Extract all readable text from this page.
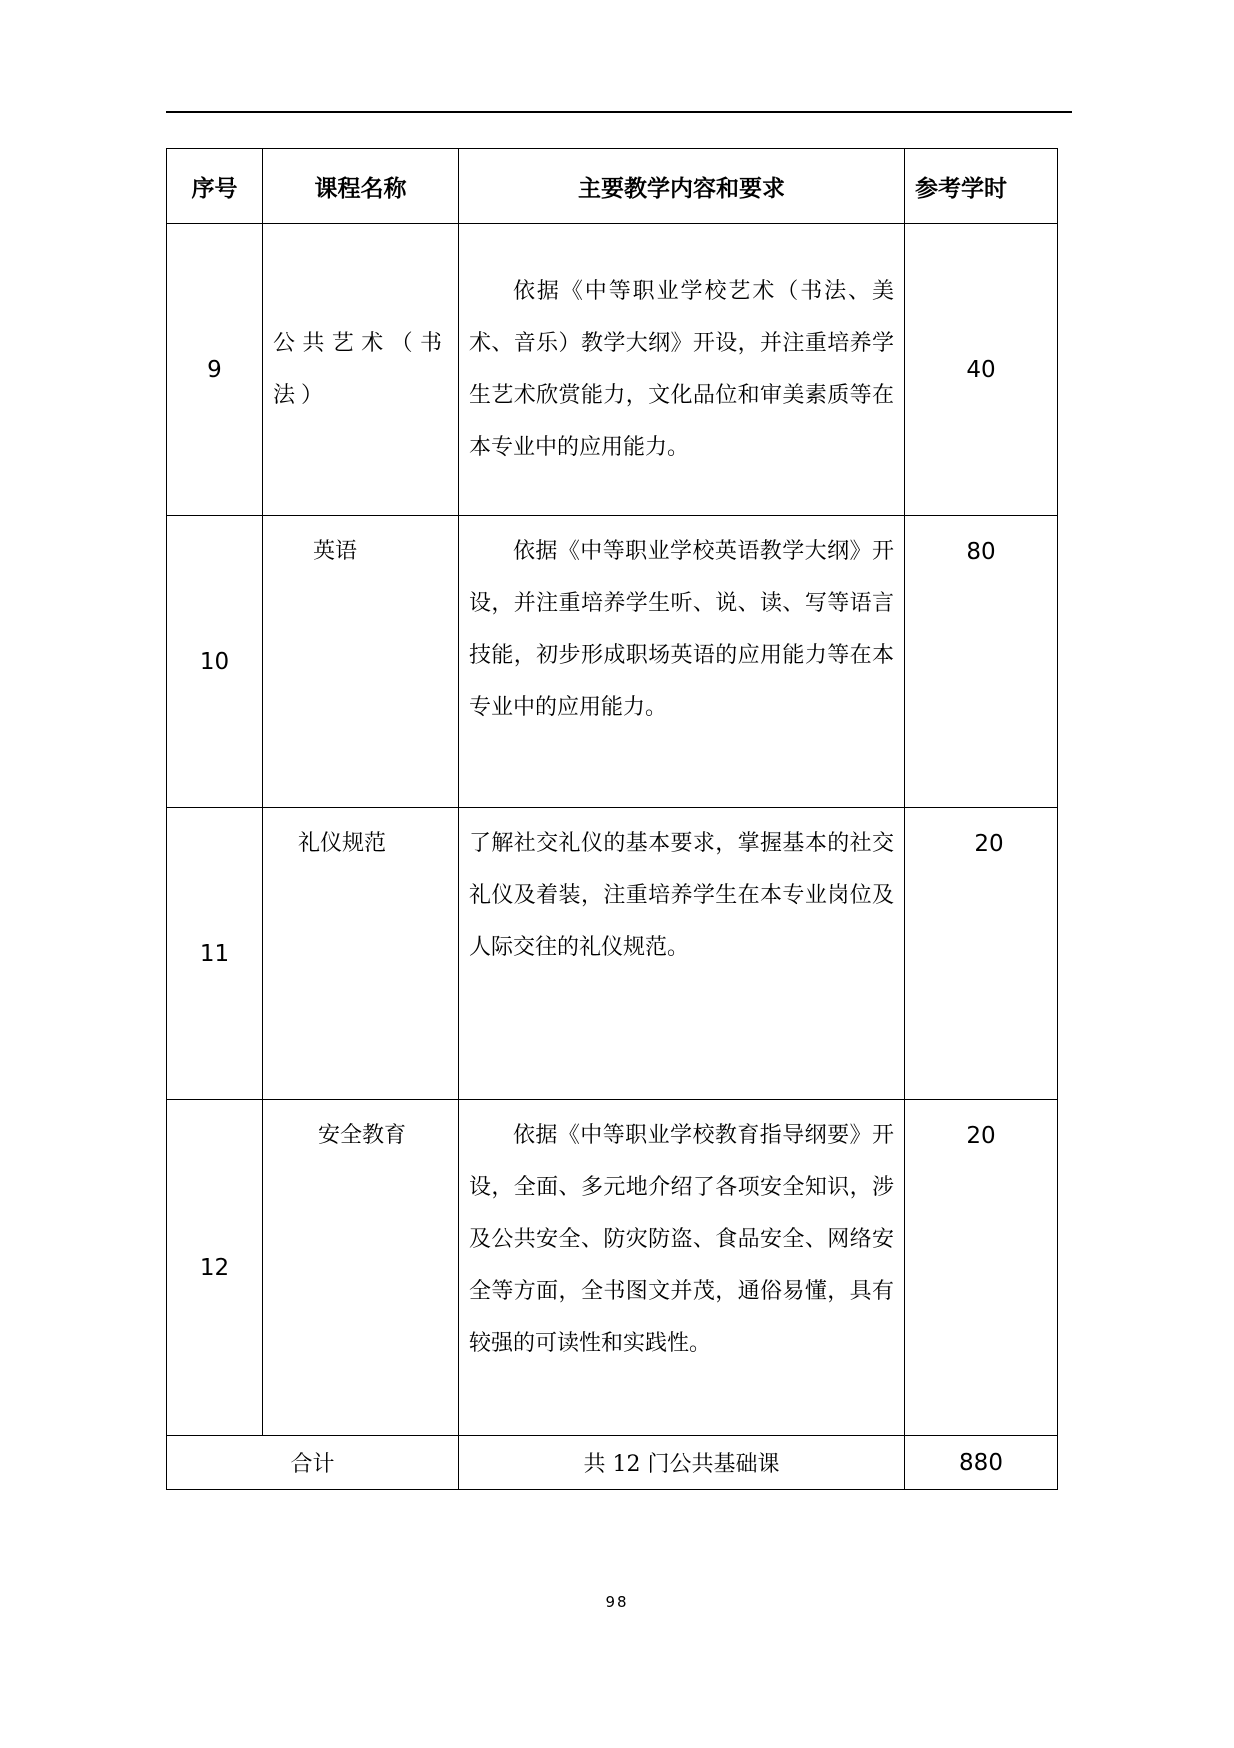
序号	课程名称	主要教学内容和要求	参考学时
9	公共艺术（书法）	依据《中等职业学校艺术（书法、美术、音乐）教学大纲》开设，并注重培养学生艺术欣赏能力，文化品位和审美素质等在本专业中的应用能力。	40
10	英语	依据《中等职业学校英语教学大纲》开设，并注重培养学生听、说、读、写等语言技能，初步形成职场英语的应用能力等在本专业中的应用能力。	80

11	礼仪规范	了解社交礼仪的基本要求，掌握基本的社交礼仪及着装，注重培养学生在本专业岗位及人际交往的礼仪规范。	20

12	安全教育	依据《中等职业学校教育指导纲要》开设，全面、多元地介绍了各项安全知识，涉及公共安全、防灾防盗、食品安全、网络安全等方面，全书图文并茂，通俗易懂，具有较强的可读性和实践性。	20

合计		共 12 门公共基础课	880
98
